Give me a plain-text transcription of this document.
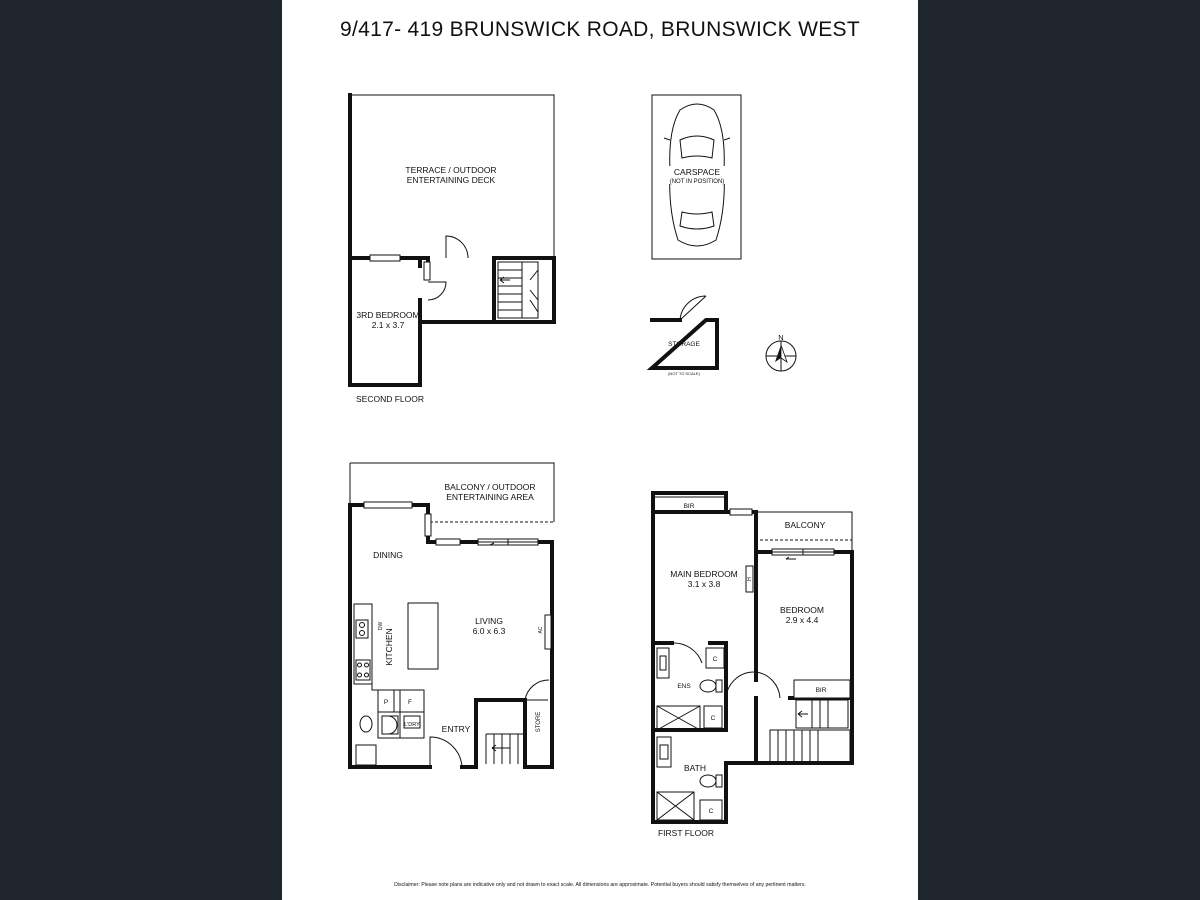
9/417- 419 BRUNSWICK ROAD, BRUNSWICK WEST
TERRACE / OUTDOOR
ENTERTAINING DECK
3RD BEDROOM
2.1 x 3.7
SECOND FLOOR
CARSPACE
(NOT IN POSITION)
STORAGE
(NOT TO SCALE)
N
BALCONY / OUTDOOR
ENTERTAINING AREA
DINING
LIVING
6.0 x 6.3
KITCHEN
DW	AC
P	F
L'DRY	ENTRY	STORE
BALCONY
BIR
MAIN BEDROOM
3.1 x 3.8	H
BEDROOM
2.9 x 4.4
BIR
ENS
C
C
C
BATH
FIRST FLOOR
Disclaimer: Please note plans are indicative only and not drawn to exact scale. All dimensions are approximate. Potential buyers should satisfy themselves of any pertinent matters.
